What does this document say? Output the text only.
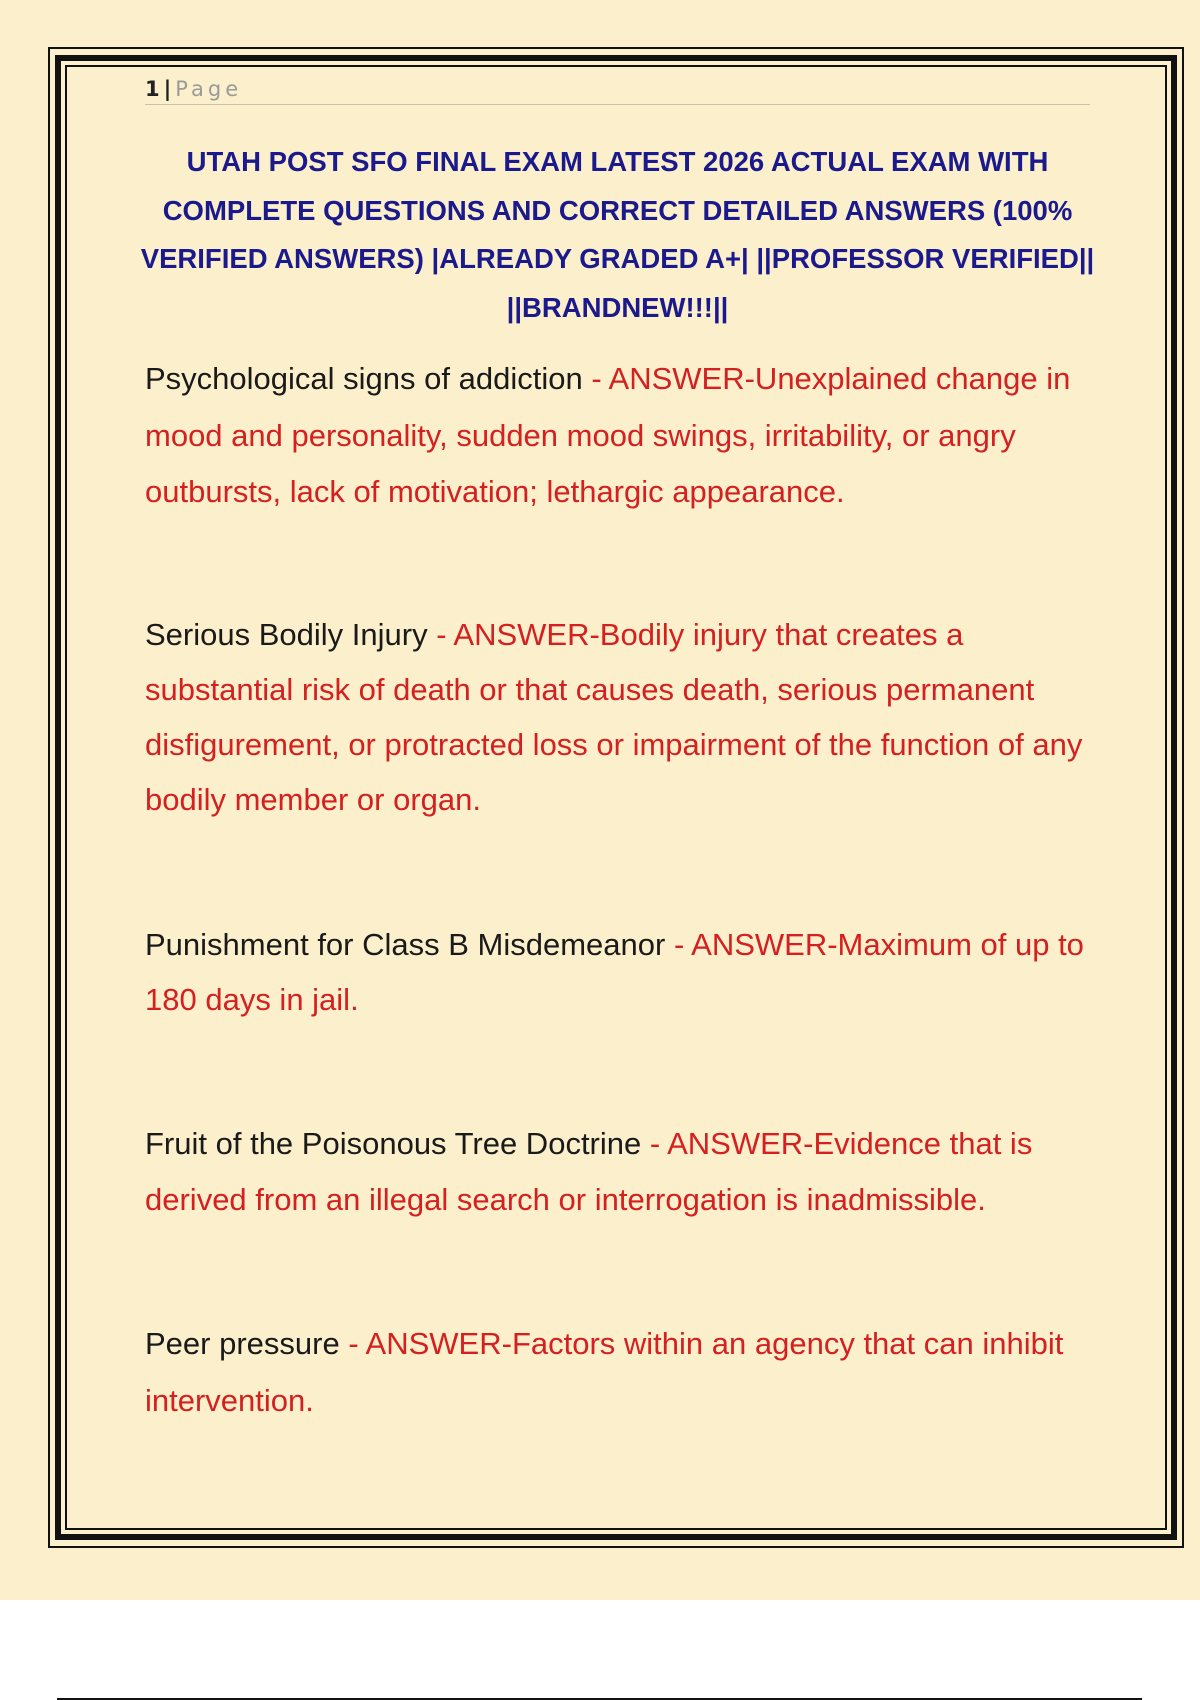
1 | Page
UTAH POST SFO FINAL EXAM LATEST 2026 ACTUAL EXAM WITH COMPLETE QUESTIONS AND CORRECT DETAILED ANSWERS (100% VERIFIED ANSWERS) |ALREADY GRADED A+| ||PROFESSOR VERIFIED|| ||BRANDNEW!!!||

Psychological signs of addiction - ANSWER-Unexplained change in mood and personality, sudden mood swings, irritability, or angry outbursts, lack of motivation; lethargic appearance.

Serious Bodily Injury - ANSWER-Bodily injury that creates a substantial risk of death or that causes death, serious permanent disfigurement, or protracted loss or impairment of the function of any bodily member or organ.

Punishment for Class B Misdemeanor - ANSWER-Maximum of up to 180 days in jail.

Fruit of the Poisonous Tree Doctrine - ANSWER-Evidence that is derived from an illegal search or interrogation is inadmissible.

Peer pressure - ANSWER-Factors within an agency that can inhibit intervention.
